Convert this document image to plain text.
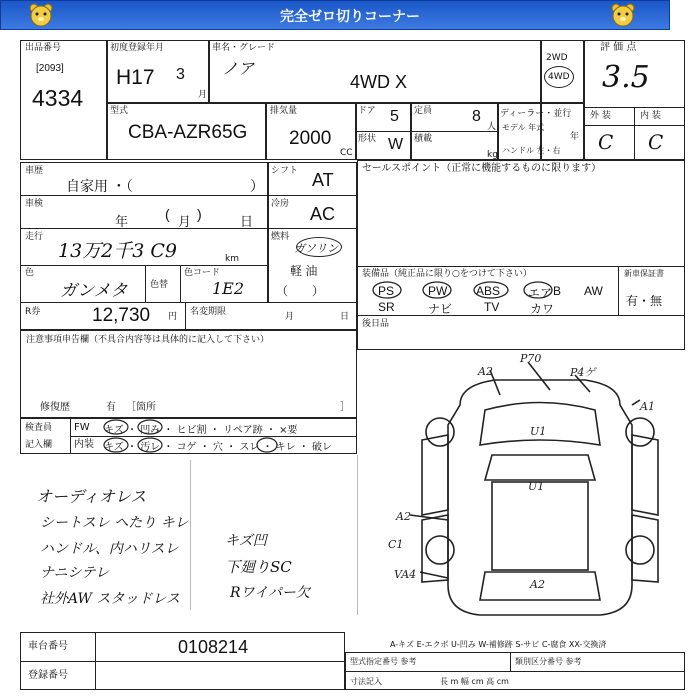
完全ゼロ切りコーナー
出品番号
[2093]
4334
初度登録年月
H17 3
月
車名・グレード
ノア
4WD X
2WD
4WD
評 価 点
3.5
外 装	内 装
C C
型式
CBA-AZR65G
排気量
2000
CC
ドア 5 定員 8
人
形状 W 積載
kg
ディーラー・並行
モデル 年式
年
ハンドル 左・右
車歴
自家用 ・（	）
シフト AT
車検
年	( 月 )	日
冷房 AC
走行
13万2千3 C9	km
燃料
ガソリン
軽 油
（　　）
色
ガンメタ	色替
色コード
1E2
R券	12,730 円 名変期限	月	日
セールスポイント（正常に機能するものに限ります）
装備品（純正品に限り○をつけて下さい）
PS	PW ABS エア B AW
SR	ナビ	TV	カワ
新車保証書
有・無
後日品
注意事項申告欄（不具合内容等は具体的に記入して下さい）
修復歴	有 ［箇所	］
検査員
記入欄
FW
内装
キズ ・ 凹み ・ ヒビ割 ・ リペア跡 ・ ×要
キズ ・ 汚レ ・ コゲ ・ 穴 ・ スレ ・ キレ ・ 破レ
オーディオレス
シートスレ ヘたり キレ
ハンドル、内ハリスレ
ナニシテレ
社外AW スタッドレス
キズ凹
下廻りSC
Rワイパー欠
A2
P70
P4ゲ
A1
U1
U1
A2
C1
VA4
A2
車台番号	0108214
登録番号
A-キズ E-エクボ U-凹み W-補修跡 S-サビ C-腐食 XX-交換済
型式指定番号 参考	類別区分番号 参考
寸法記入	長 m 幅 cm 高 cm
